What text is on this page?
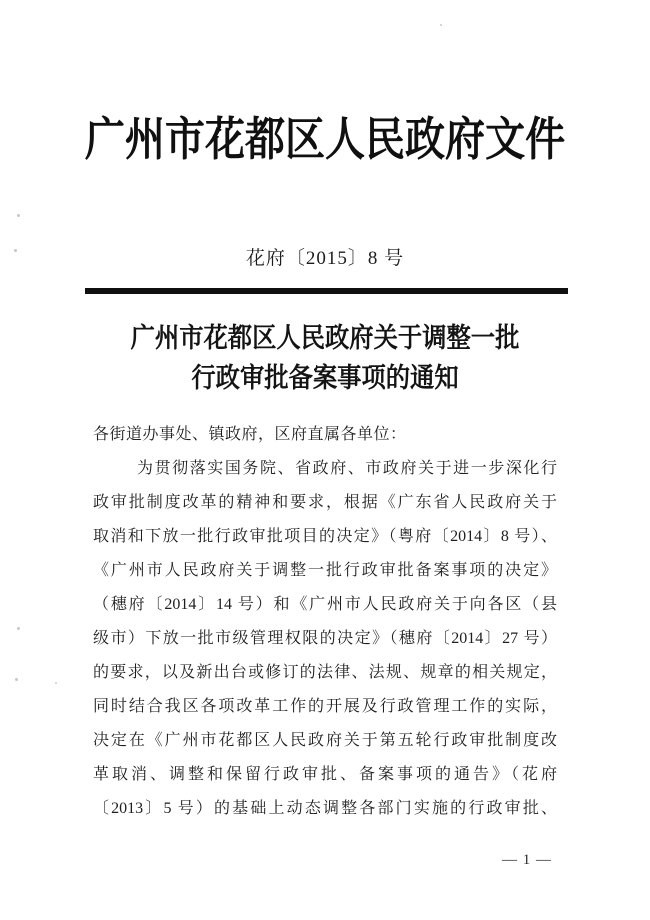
广州市花都区人民政府文件
花府〔2015〕8 号
广州市花都区人民政府关于调整一批
行政审批备案事项的通知
各街道办事处、镇政府，区府直属各单位：
为贯彻落实国务院、省政府、市政府关于进一步深化行
政审批制度改革的精神和要求，根据《广东省人民政府关于
取消和下放一批行政审批项目的决定》（粤府〔2014〕8 号）、
《广州市人民政府关于调整一批行政审批备案事项的决定》
（穗府〔2014〕14 号）和《广州市人民政府关于向各区（县
级市）下放一批市级管理权限的决定》（穗府〔2014〕27 号）
的要求，以及新出台或修订的法律、法规、规章的相关规定，
同时结合我区各项改革工作的开展及行政管理工作的实际，
决定在《广州市花都区人民政府关于第五轮行政审批制度改
革取消、调整和保留行政审批、备案事项的通告》（花府
〔2013〕5 号）的基础上动态调整各部门实施的行政审批、
— 1 —
